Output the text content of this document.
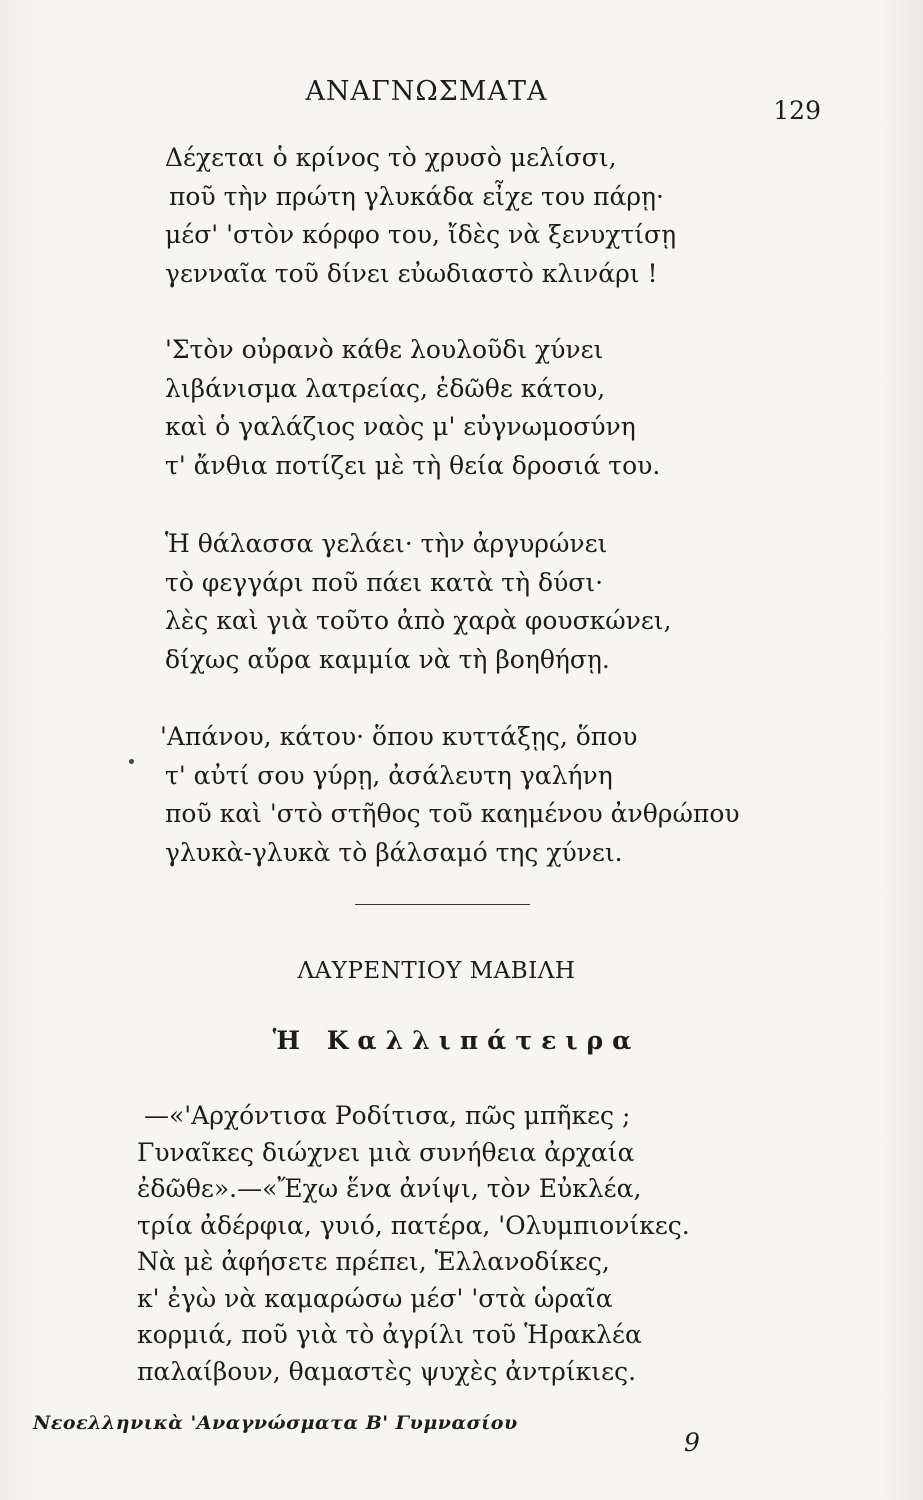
ΑΝΑΓΝΩΣΜΑΤΑ
129
Δέχεται ὁ κρίνος τὸ χρυσὸ μελίσσι,
ποῦ τὴν πρώτη γλυκάδα εἶχε του πάρῃ·
μέσ' 'στὸν κόρφο του, ἴδὲς νὰ ξενυχτίσῃ
γενναῖα τοῦ δίνει εὐωδιαστὸ κλινάρι !
'Στὸν οὐρανὸ κάθε λουλοῦδι χύνει
λιβάνισμα λατρείας, ἐδῶθε κάτου,
καὶ ὁ γαλάζιος ναὸς μ' εὐγνωμοσύνη
τ' ἄνθια ποτίζει μὲ τὴ θεία δροσιά του.
Ἡ θάλασσα γελάει· τὴν ἀργυρώνει
τὸ φεγγάρι ποῦ πάει κατὰ τὴ δύσι·
λὲς καὶ γιὰ τοῦτο ἀπὸ χαρὰ φουσκώνει,
δίχως αὔρα καμμία νὰ τὴ βοηθήσῃ.
'Απάνου, κάτου· ὅπου κυττάξῃς, ὅπου
τ' αὐτί σου γύρῃ, ἀσάλευτη γαλήνη
ποῦ καὶ 'στὸ στῆθος τοῦ καημένου ἀνθρώπου
γλυκὰ-γλυκὰ τὸ βάλσαμό της χύνει.
ΛΑΥΡΕΝΤΙΟΥ ΜΑΒΙΛΗ
Ἡ Καλλιπάτειρα
—«'Αρχόντισα Ροδίτισα, πῶς μπῆκες ;
Γυναῖκες διώχνει μιὰ συνήθεια ἀρχαία
ἐδῶθε».—«Ἔχω ἕνα ἀνίψι, τὸν Εὐκλέα,
τρία ἀδέρφια, γυιό, πατέρα, 'Ολυμπιονίκες.
Νὰ μὲ ἀφήσετε πρέπει, Ἑλλανοδίκες,
κ' ἐγὼ νὰ καμαρώσω μέσ' 'στὰ ὡραῖα
κορμιά, ποῦ γιὰ τὸ ἀγρίλι τοῦ Ἡρακλέα
παλαίβουν, θαμαστὲς ψυχὲς ἀντρίκιες.
Νεοελληνικὰ 'Αναγνώσματα Β' Γυμνασίου
9
